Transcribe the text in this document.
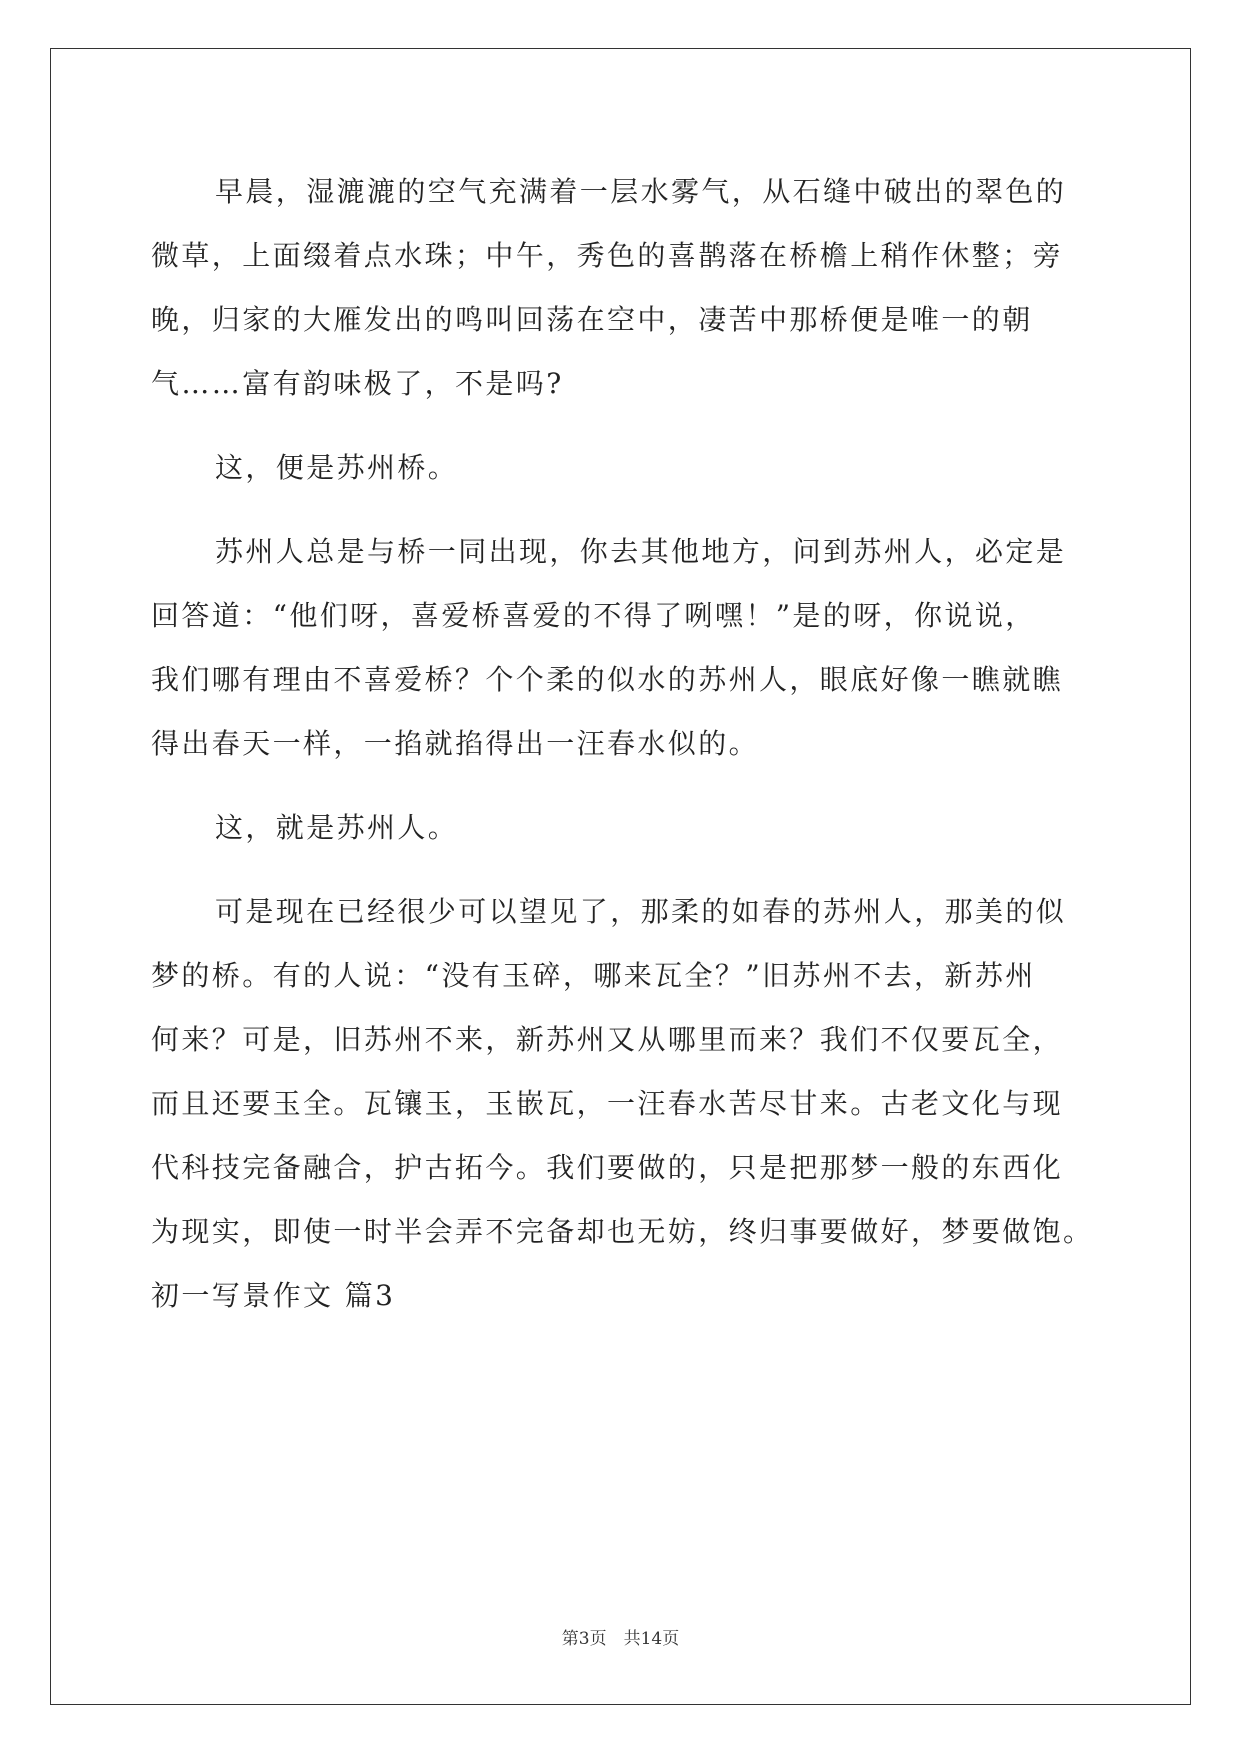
早晨，湿漉漉的空气充满着一层水雾气，从石缝中破出的翠色的
微草，上面缀着点水珠；中午，秀色的喜鹊落在桥檐上稍作休整；旁
晚，归家的大雁发出的鸣叫回荡在空中，凄苦中那桥便是唯一的朝
气……富有韵味极了，不是吗?

这，便是苏州桥。

苏州人总是与桥一同出现，你去其他地方，问到苏州人，必定是
回答道：“他们呀，喜爱桥喜爱的不得了咧嘿！”是的呀，你说说，
我们哪有理由不喜爱桥？个个柔的似水的苏州人，眼底好像一瞧就瞧
得出春天一样，一掐就掐得出一汪春水似的。

这，就是苏州人。

可是现在已经很少可以望见了，那柔的如春的苏州人，那美的似
梦的桥。有的人说：“没有玉碎，哪来瓦全？”旧苏州不去，新苏州
何来？可是，旧苏州不来，新苏州又从哪里而来？我们不仅要瓦全，
而且还要玉全。瓦镶玉，玉嵌瓦，一汪春水苦尽甘来。古老文化与现
代科技完备融合，护古拓今。我们要做的，只是把那梦一般的东西化
为现实，即使一时半会弄不完备却也无妨，终归事要做好，梦要做饱。

初一写景作文 篇3

第3页　共14页
